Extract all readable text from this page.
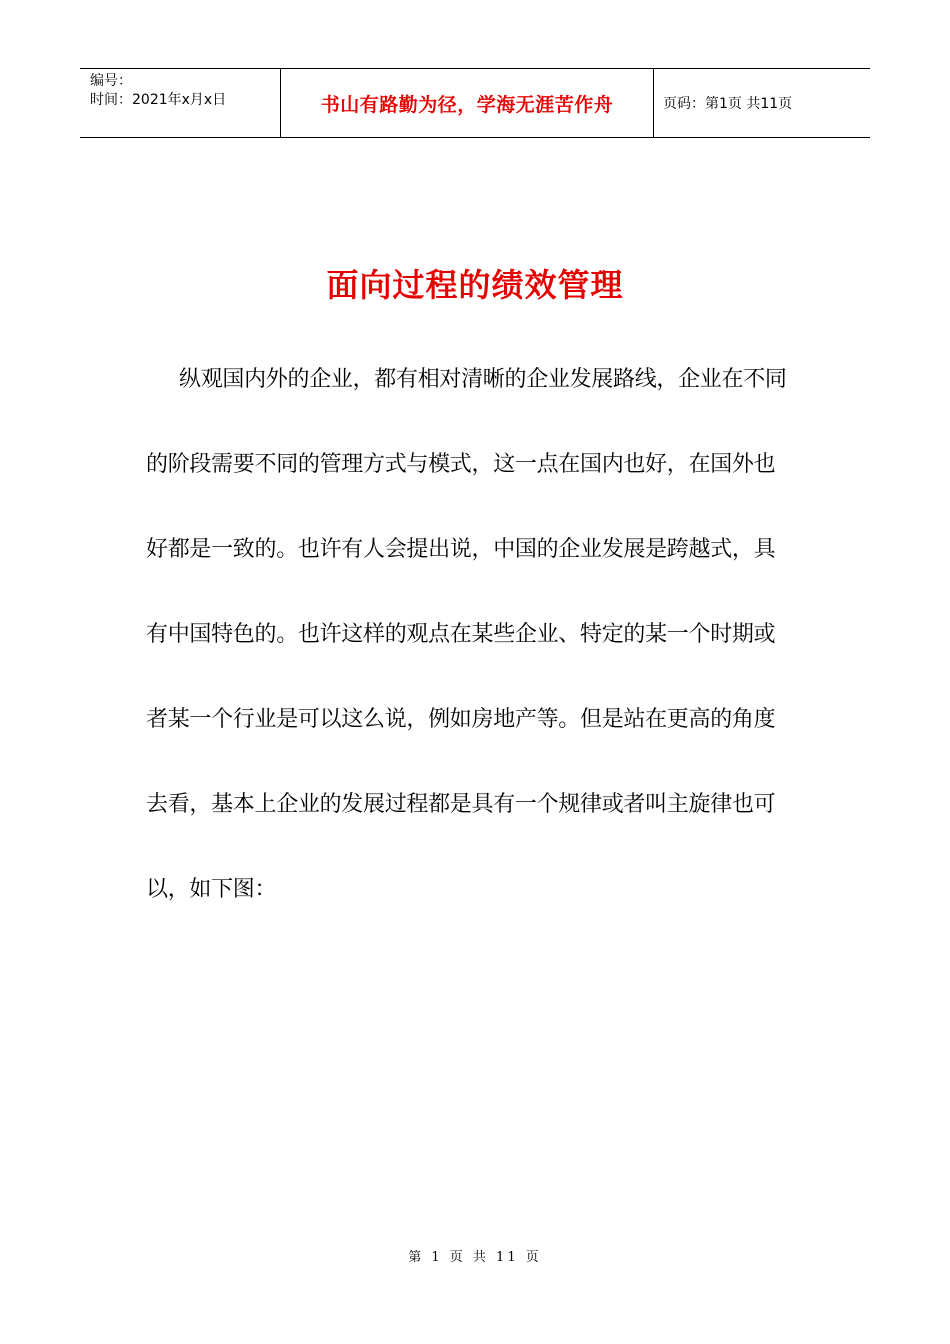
编号：
时间：2021年x月x日	书山有路勤为径，学海无涯苦作舟	页码：第1页 共11页
面向过程的绩效管理
纵观国内外的企业，都有相对清晰的企业发展路线，企业在不同
的阶段需要不同的管理方式与模式，这一点在国内也好，在国外也
好都是一致的。也许有人会提出说，中国的企业发展是跨越式，具
有中国特色的。也许这样的观点在某些企业、特定的某一个时期或
者某一个行业是可以这么说，例如房地产等。但是站在更高的角度
去看，基本上企业的发展过程都是具有一个规律或者叫主旋律也可
以，如下图：
第 1 页 共 11 页
